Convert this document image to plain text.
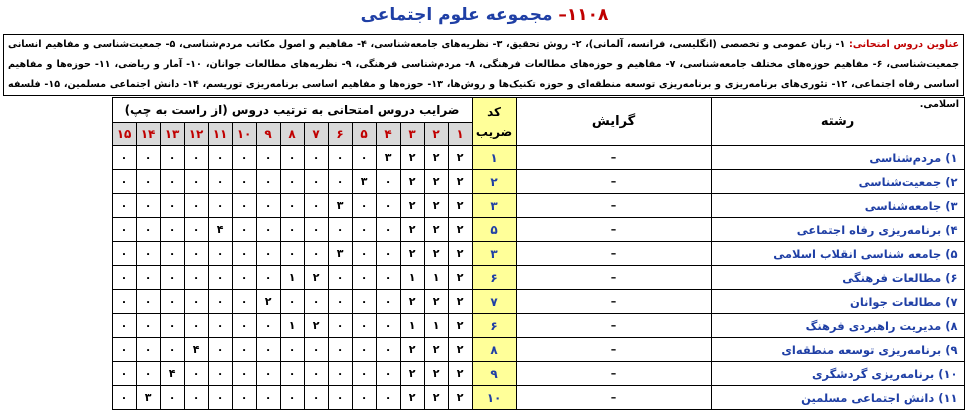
۱۱۰۸– مجموعه علوم اجتماعی
عناوین دروس امتحانی: ۱- زبان عمومی و تخصصی (انگلیسی، فرانسه، آلمانی)، ۲- روش تحقیق، ۳- نظریه‌های جامعه‌شناسی، ۴- مفاهیم و اصول مکاتب مردم‌شناسی، ۵- جمعیت‌شناسی و مفاهیم انسانی جمعیت‌شناسی، ۶- مفاهیم حوزه‌های مختلف جامعه‌شناسی، ۷- مفاهیم و حوزه‌های مطالعات فرهنگی، ۸- مردم‌شناسی فرهنگی، ۹- نظریه‌های مطالعات جوانان، ۱۰- آمار و ریاضی، ۱۱- حوزه‌ها و مفاهیم اساسی رفاه اجتماعی، ۱۲- تئوری‌های برنامه‌ریزی و برنامه‌ریزی توسعه منطقه‌ای و حوزه تکنیک‌ها و روش‌ها، ۱۳- حوزه‌ها و مفاهیم اساسی برنامه‌ریزی توریسم، ۱۴- دانش اجتماعی مسلمین، ۱۵- فلسفه اسلامی.
رشته	گرایش	کد ضریب	ضرایب دروس امتحانی به ترتیب دروس (از راست به چپ)															
			۱	۲	۳	۴	۵	۶	۷	۸	۹	۱۰	۱۱	۱۲	۱۳	۱۴	۱۵	
۱) مردم‌شناسی	–	۱	۲	۲	۲	۳	۰	۰	۰	۰	۰	۰	۰	۰	۰	۰	۰	
۲) جمعیت‌شناسی	–	۲	۲	۲	۲	۰	۳	۰	۰	۰	۰	۰	۰	۰	۰	۰	۰	
۳) جامعه‌شناسی	–	۳	۲	۲	۲	۰	۰	۳	۰	۰	۰	۰	۰	۰	۰	۰	۰	
۴) برنامه‌ریزی رفاه اجتماعی	–	۵	۲	۲	۲	۰	۰	۰	۰	۰	۰	۰	۴	۰	۰	۰	۰	
۵) جامعه شناسی انقلاب اسلامی	–	۳	۲	۲	۲	۰	۰	۳	۰	۰	۰	۰	۰	۰	۰	۰	۰	
۶) مطالعات فرهنگی	–	۶	۲	۱	۱	۰	۰	۰	۲	۱	۰	۰	۰	۰	۰	۰	۰	
۷) مطالعات جوانان	–	۷	۲	۲	۲	۰	۰	۰	۰	۰	۲	۰	۰	۰	۰	۰	۰	
۸) مدیریت راهبردی فرهنگ	–	۶	۲	۱	۱	۰	۰	۰	۲	۱	۰	۰	۰	۰	۰	۰	۰	
۹) برنامه‌ریزی توسعه منطقه‌ای	–	۸	۲	۲	۲	۰	۰	۰	۰	۰	۰	۰	۰	۴	۰	۰	۰	
۱۰) برنامه‌ریزی گردشگری	–	۹	۲	۲	۲	۰	۰	۰	۰	۰	۰	۰	۰	۰	۴	۰	۰	
۱۱) دانش اجتماعی مسلمین	–	۱۰	۲	۲	۲	۰	۰	۰	۰	۰	۰	۰	۰	۰	۰	۳	۰	
